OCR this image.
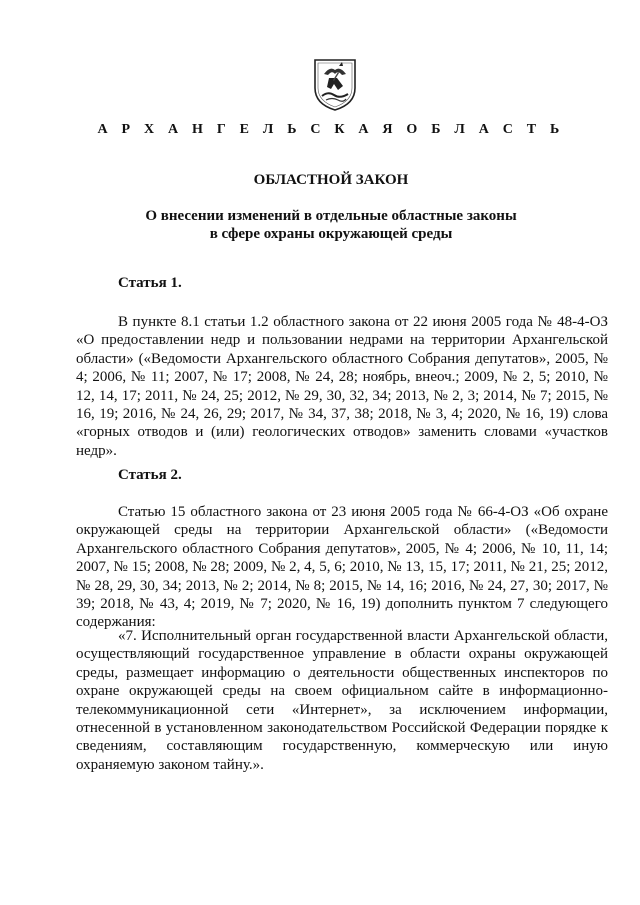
А Р Х А Н Г Е Л Ь С К А Я О Б Л А С Т Ь
ОБЛАСТНОЙ ЗАКОН
О внесении изменений в отдельные областные законы
в сфере охраны окружающей среды
Статья 1.

В пункте 8.1 статьи 1.2 областного закона от 22 июня 2005 года № 48-4-ОЗ «О предоставлении недр и пользовании недрами на территории Архангельской области» («Ведомости Архангельского областного Собрания депутатов», 2005, № 4; 2006, № 11; 2007, № 17; 2008, № 24, 28; ноябрь, внеоч.; 2009, № 2, 5; 2010, № 12, 14, 17; 2011, № 24, 25; 2012, № 29, 30, 32, 34; 2013, № 2, 3; 2014, № 7; 2015, № 16, 19; 2016, № 24, 26, 29; 2017, № 34, 37, 38; 2018, № 3, 4; 2020, № 16, 19) слова «горных отводов и (или) геологических отводов» заменить словами «участков недр».

Статья 2.

Статью 15 областного закона от 23 июня 2005 года № 66-4-ОЗ «Об охране окружающей среды на территории Архангельской области» («Ведомости Архангельского областного Собрания депутатов», 2005, № 4; 2006, № 10, 11, 14; 2007, № 15; 2008, № 28; 2009, № 2, 4, 5, 6; 2010, № 13, 15, 17; 2011, № 21, 25; 2012, № 28, 29, 30, 34; 2013, № 2; 2014, № 8; 2015, № 14, 16; 2016, № 24, 27, 30; 2017, № 39; 2018, № 43, 4; 2019, № 7; 2020, № 16, 19) дополнить пунктом 7 следующего содержания:

«7. Исполнительный орган государственной власти Архангельской области, осуществляющий государственное управление в области охраны окружающей среды, размещает информацию о деятельности общественных инспекторов по охране окружающей среды на своем официальном сайте в информационно-телекоммуникационной сети «Интернет», за исключением информации, отнесенной в установленном законодательством Российской Федерации порядке к сведениям, составляющим государственную, коммерческую или иную охраняемую законом тайну.».
